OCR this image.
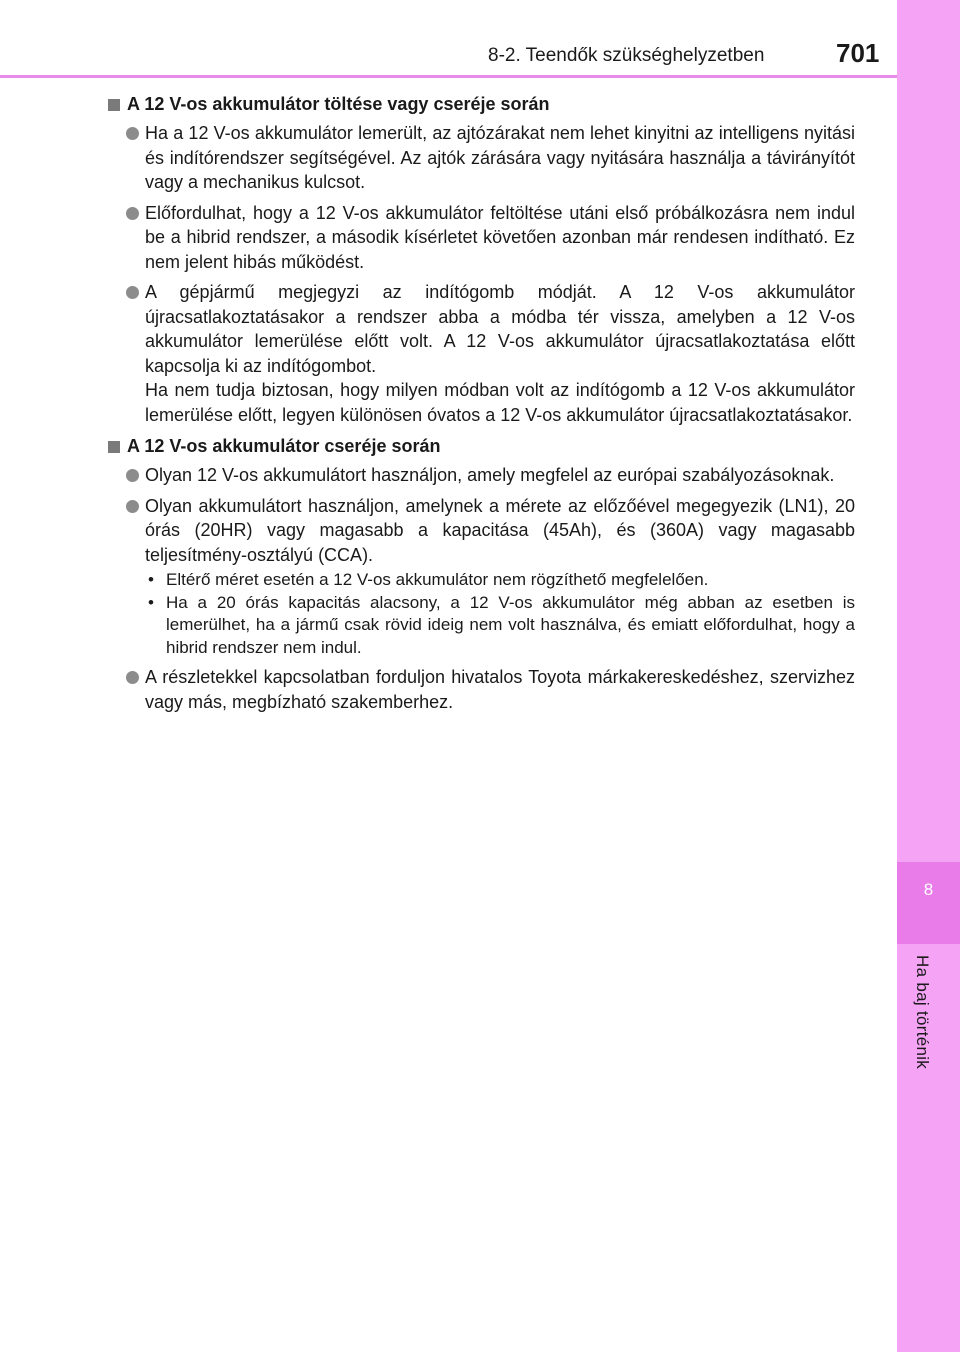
8
Ha baj történik
8-2. Teendők szükséghelyzetben	701
A 12 V-os akkumulátor töltése vagy cseréje során
Ha a 12 V-os akkumulátor lemerült, az ajtózárakat nem lehet kinyitni az intelligens nyitási és indítórendszer segítségével. Az ajtók zárására vagy nyitására használja a távirányítót vagy a mechanikus kulcsot.
Előfordulhat, hogy a 12 V-os akkumulátor feltöltése utáni első próbálkozásra nem indul be a hibrid rendszer, a második kísérletet követően azonban már rendesen indítható. Ez nem jelent hibás működést.
A gépjármű megjegyzi az indítógomb módját. A 12 V-os akkumulátor újracsatlakoztatásakor a rendszer abba a módba tér vissza, amelyben a 12 V-os akkumulátor lemerülése előtt volt. A 12 V-os akkumulátor újracsatlakoztatása előtt kapcsolja ki az indítógombot.
Ha nem tudja biztosan, hogy milyen módban volt az indítógomb a 12 V-os akkumulátor lemerülése előtt, legyen különösen óvatos a 12 V-os akkumulátor újracsatlakoztatásakor.
A 12 V-os akkumulátor cseréje során
Olyan 12 V-os akkumulátort használjon, amely megfelel az európai szabályozásoknak.
Olyan akkumulátort használjon, amelynek a mérete az előzőével megegyezik (LN1), 20 órás (20HR) vagy magasabb a kapacitása (45Ah), és (360A) vagy magasabb teljesítmény-osztályú (CCA).
• Eltérő méret esetén a 12 V-os akkumulátor nem rögzíthető megfelelően.
• Ha a 20 órás kapacitás alacsony, a 12 V-os akkumulátor még abban az esetben is lemerülhet, ha a jármű csak rövid ideig nem volt használva, és emiatt előfordulhat, hogy a hibrid rendszer nem indul.
A részletekkel kapcsolatban forduljon hivatalos Toyota márkakereskedéshez, szervizhez vagy más, megbízható szakemberhez.
